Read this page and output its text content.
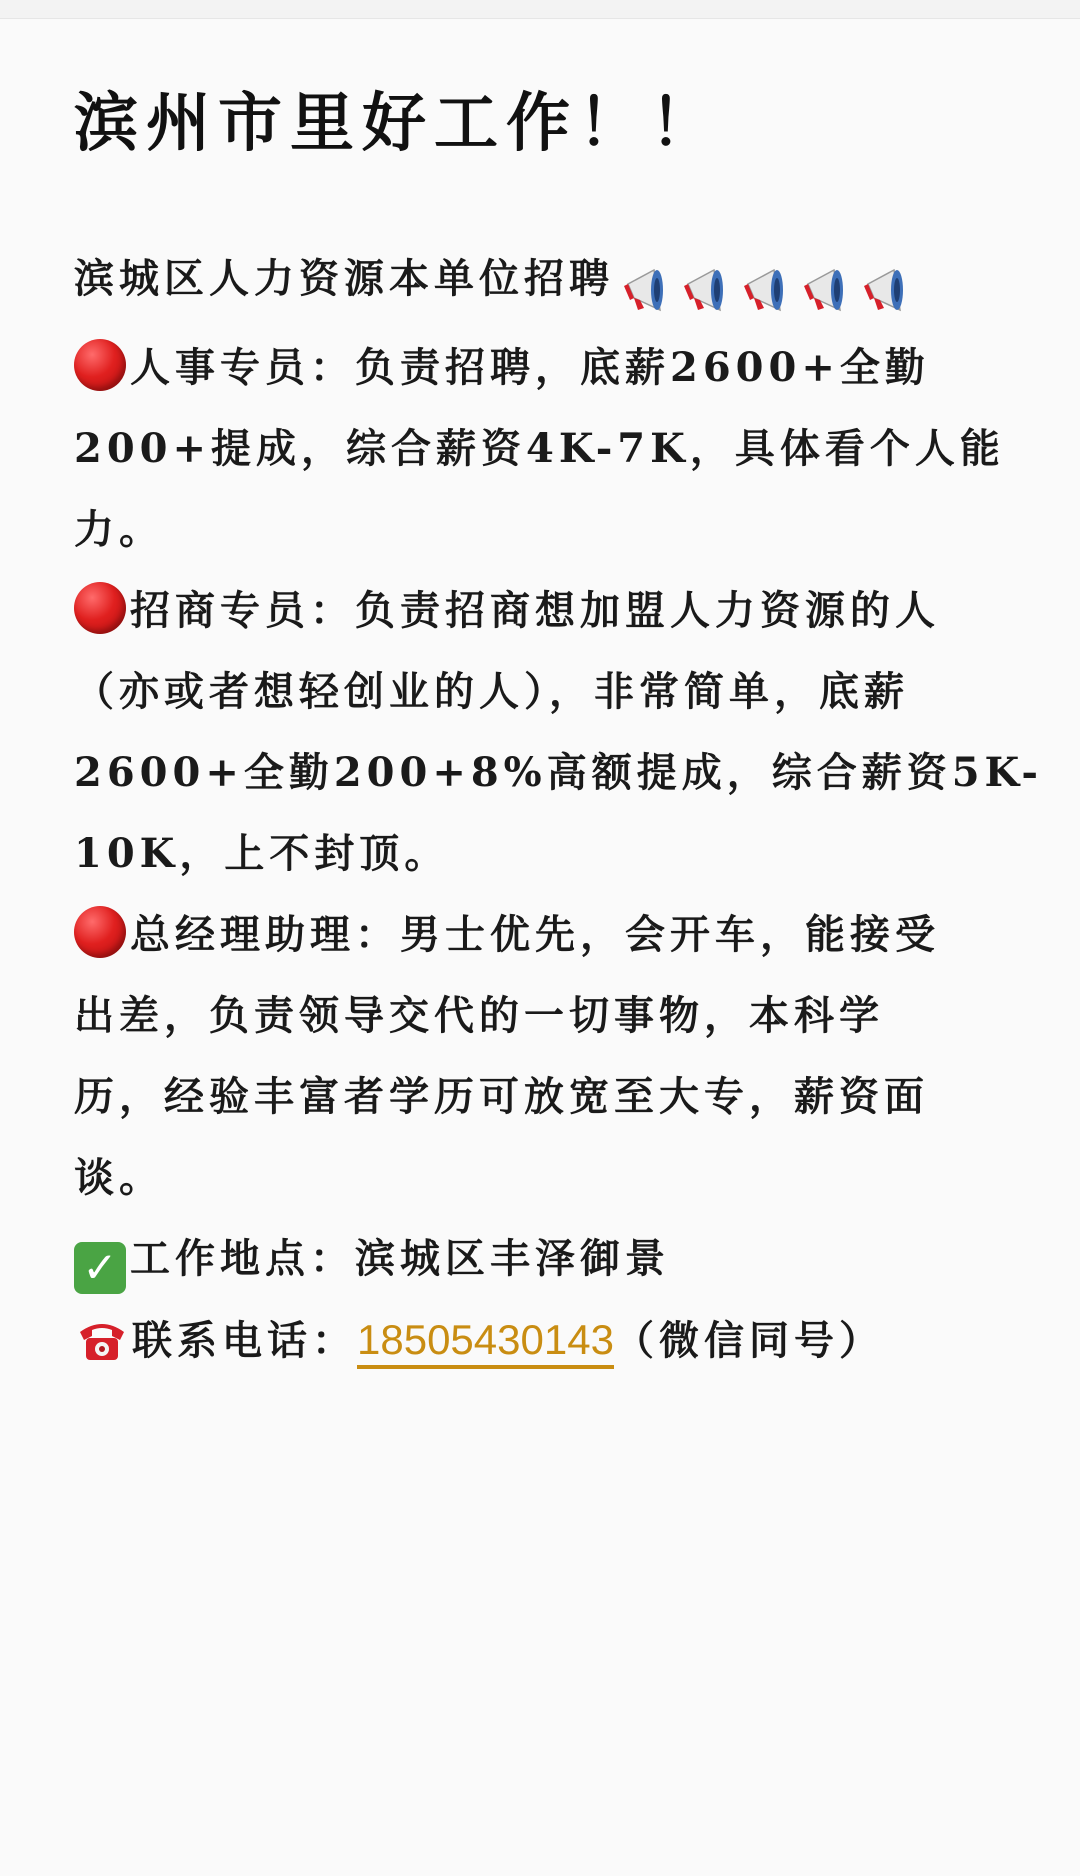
滨州市里好工作！！
滨城区人力资源本单位招聘
人事专员：负责招聘，底薪2600+全勤
200+提成，综合薪资4K-7K，具体看个人能
力。
招商专员：负责招商想加盟人力资源的人
（亦或者想轻创业的人），非常简单，底薪
2600+全勤200+8%高额提成，综合薪资5K-
10K，上不封顶。
总经理助理：男士优先，会开车，能接受
出差，负责领导交代的一切事物，本科学
历，经验丰富者学历可放宽至大专，薪资面
谈。
✓ 工作地点：滨城区丰泽御景
联系电话：18505430143（微信同号）
